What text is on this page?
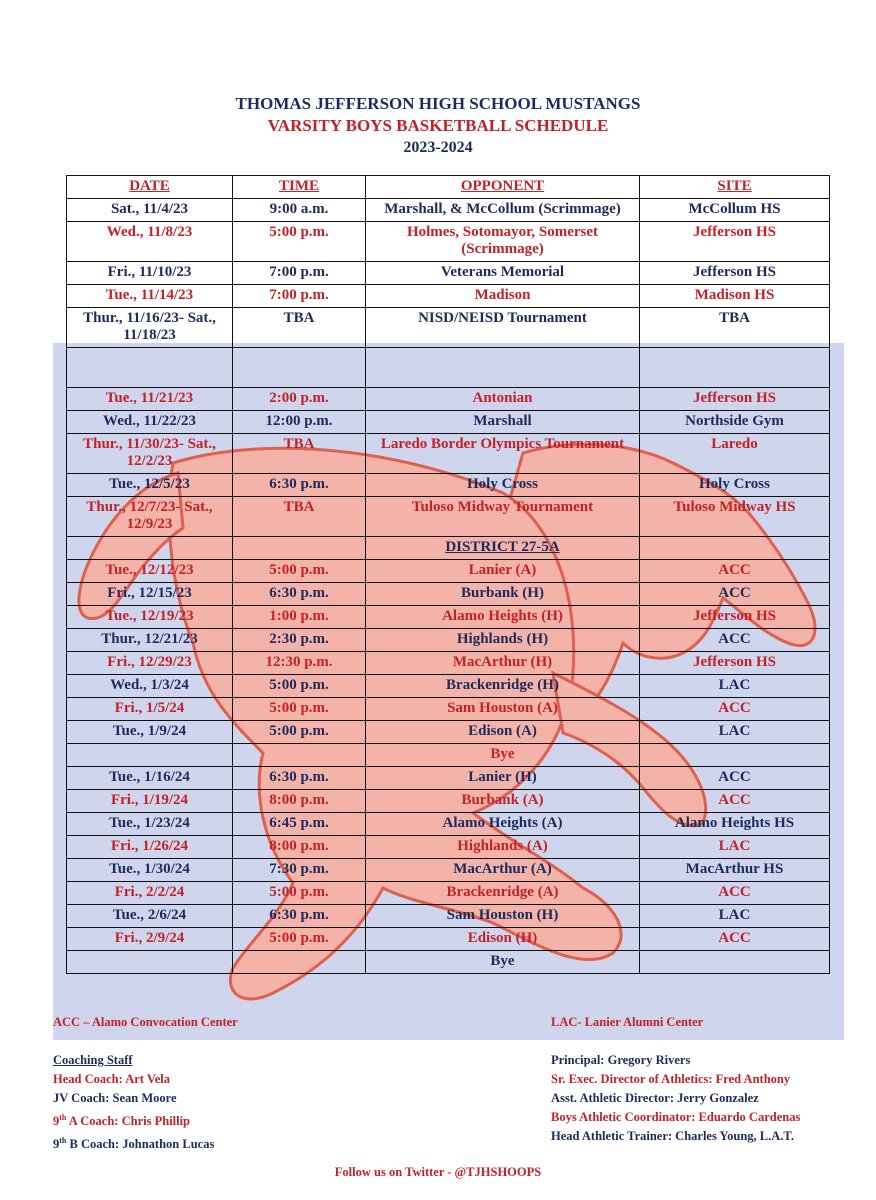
THOMAS JEFFERSON HIGH SCHOOL MUSTANGS
VARSITY BOYS BASKETBALL SCHEDULE
2023-2024
DATE	TIME	OPPONENT	SITE
Sat., 11/4/23	9:00 a.m.	Marshall, & McCollum (Scrimmage)	McCollum HS
Wed., 11/8/23	5:00 p.m.	Holmes, Sotomayor, Somerset (Scrimmage)	Jefferson HS
Fri., 11/10/23	7:00 p.m.	Veterans Memorial	Jefferson HS
Tue., 11/14/23	7:00 p.m.	Madison	Madison HS
Thur., 11/16/23- Sat., 11/18/23	TBA	NISD/NEISD Tournament	TBA

Tue., 11/21/23	2:00 p.m.	Antonian	Jefferson HS
Wed., 11/22/23	12:00 p.m.	Marshall	Northside Gym
Thur., 11/30/23- Sat., 12/2/23	TBA	Laredo Border Olympics Tournament	Laredo
Tue., 12/5/23	6:30 p.m.	Holy Cross	Holy Cross
Thur., 12/7/23- Sat., 12/9/23	TBA	Tuloso Midway Tournament	Tuloso Midway HS
		DISTRICT 27-5A	
Tue., 12/12/23	5:00 p.m.	Lanier (A)	ACC
Fri., 12/15/23	6:30 p.m.	Burbank (H)	ACC
Tue., 12/19/23	1:00 p.m.	Alamo Heights (H)	Jefferson HS
Thur., 12/21/23	2:30 p.m.	Highlands (H)	ACC
Fri., 12/29/23	12:30 p.m.	MacArthur (H)	Jefferson HS
Wed., 1/3/24	5:00 p.m.	Brackenridge (H)	LAC
Fri., 1/5/24	5:00 p.m.	Sam Houston (A)	ACC
Tue., 1/9/24	5:00 p.m.	Edison (A)	LAC
		Bye	
Tue., 1/16/24	6:30 p.m.	Lanier (H)	ACC
Fri., 1/19/24	8:00 p.m.	Burbank (A)	ACC
Tue., 1/23/24	6:45 p.m.	Alamo Heights (A)	Alamo Heights HS
Fri., 1/26/24	8:00 p.m.	Highlands (A)	LAC
Tue., 1/30/24	7:30 p.m.	MacArthur (A)	MacArthur HS
Fri., 2/2/24	5:00 p.m.	Brackenridge (A)	ACC
Tue., 2/6/24	6:30 p.m.	Sam Houston (H)	LAC
Fri., 2/9/24	5:00 p.m.	Edison (H)	ACC
		Bye	
ACC – Alamo Convocation Center	LAC- Lanier Alumni Center
Coaching Staff
Head Coach: Art Vela
JV Coach: Sean Moore
9th A Coach: Chris Phillip
9th B Coach: Johnathon Lucas
Principal: Gregory Rivers
Sr. Exec. Director of Athletics: Fred Anthony
Asst. Athletic Director: Jerry Gonzalez
Boys Athletic Coordinator: Eduardo Cardenas
Head Athletic Trainer: Charles Young, L.A.T.
Follow us on Twitter - @TJHSHOOPS
